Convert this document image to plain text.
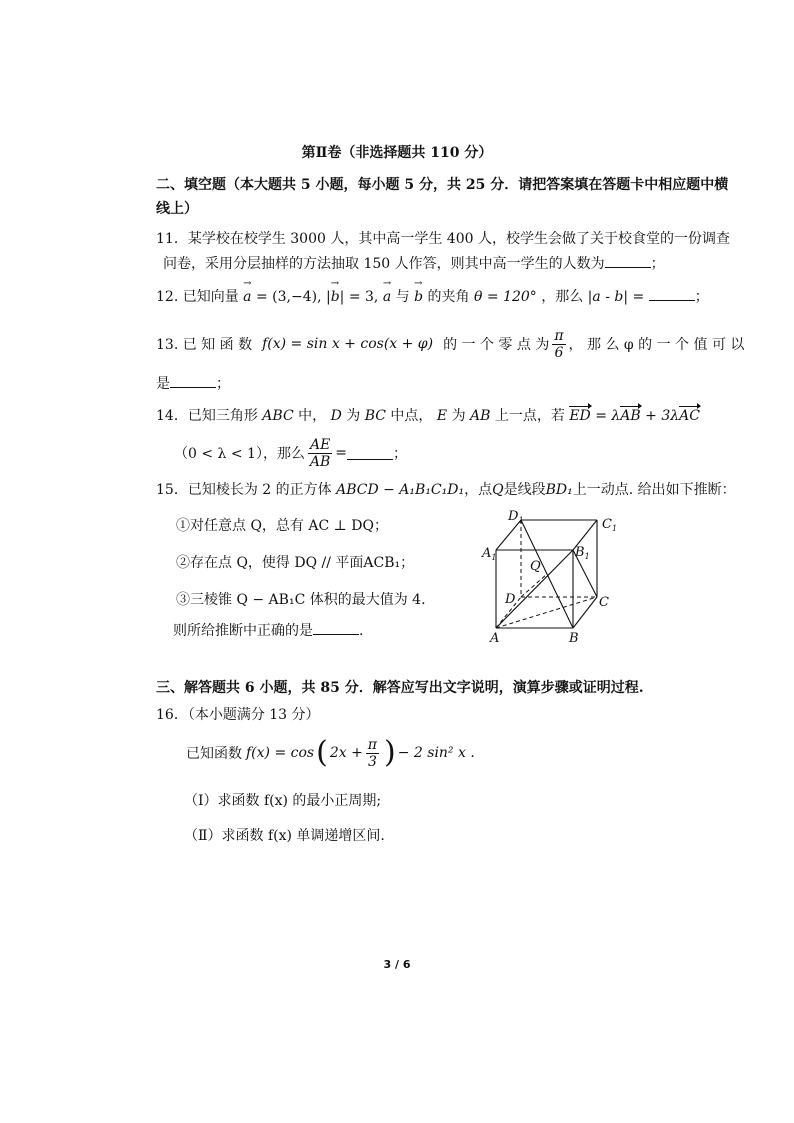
第Ⅱ卷（非选择题共 110 分）
二、填空题（本大题共 5 小题，每小题 5 分，共 25 分．请把答案填在答题卡中相应题中横
线上）
11．某学校在校学生 3000 人，其中高一学生 400 人，校学生会做了关于校食堂的一份调查
问卷，采用分层抽样的方法抽取 150 人作答，则其中高一学生的人数为	；
12. 已知向量 → a = (3,−4), |→ b| = 3, → a 与 → b 的夹角 θ = 120° ，那么 |a - b| =	；
13. 已 知 函 数 f(x) = sin x + cos(x + φ) 的 一 个 零 点 为 $\frac{\pi}{6}$ ， 那 么 φ 的 一 个 值 可 以
是	；
14．已知三角形 ABC 中， D 为 BC 中点， E 为 AB 上一点，若 ED = λAB + 3λAC
（0 < λ < 1），那么 $\frac{AE}{AB}$ =	；
15．已知棱长为 2 的正方体 ABCD − A₁B₁C₁D₁，点Q是线段BD₁上一动点. 给出如下推断：
①对任意点 Q，总有 AC ⊥ DQ；
②存在点 Q，使得 DQ // 平面ACB₁；
③三棱锥 Q − AB₁C 体积的最大值为 4.
则所给推断中正确的是	.
$D_1$	$C_1$
$A_1$	$B_1$
Q
D	C
A	B
三、解答题共 6 小题，共 85 分．解答应写出文字说明，演算步骤或证明过程.
16．（本小题满分 13 分）
已知函数 f(x) = cos ( $2x + \frac{\pi}{3}$ ) − 2 sin² x .
（Ⅰ）求函数 f(x) 的最小正周期;
（Ⅱ）求函数 f(x) 单调递增区间.
3 / 6
